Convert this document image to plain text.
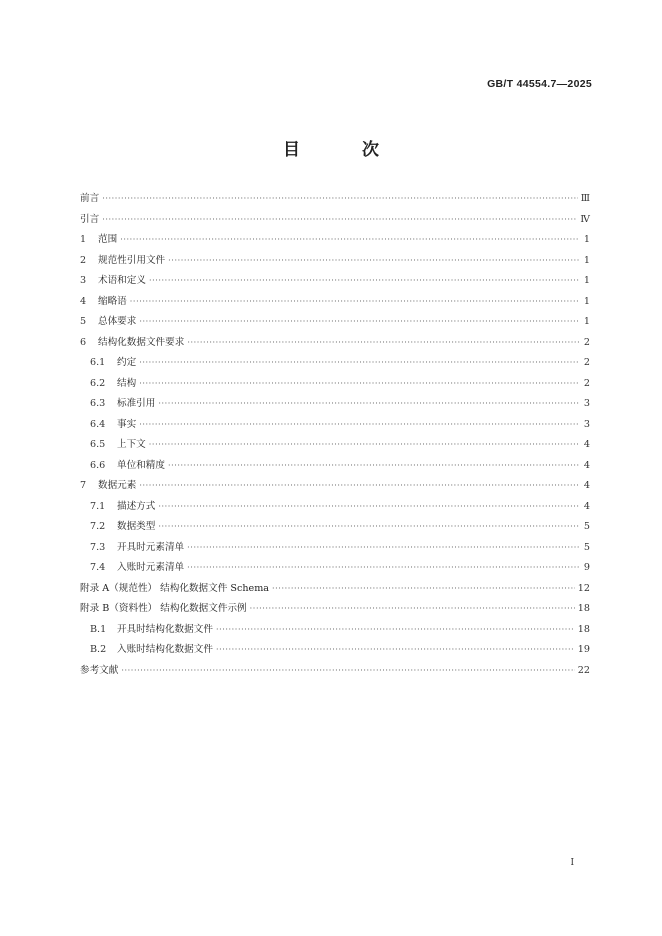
GB/T 44554.7—2025
目 次
前言 ·····	Ⅲ
引言 ·····	Ⅳ
1	范围 ·····	1
2	规范性引用文件 ·····	1
3	术语和定义 ·····	1
4	缩略语 ·····	1
5	总体要求 ·····	1
6	结构化数据文件要求 ·····	2
6.1	约定 ·····	2
6.2	结构 ·····	2
6.3	标准引用 ·····	3
6.4	事实 ·····	3
6.5	上下文 ·····	4
6.6	单位和精度 ·····	4
7	数据元素 ·····	4
7.1	描述方式 ·····	4
7.2	数据类型 ·····	5
7.3	开具时元素清单 ·····	5
7.4	入账时元素清单 ·····	9
附录 A（规范性） 结构化数据文件 Schema ·····	12
附录 B（资料性） 结构化数据文件示例 ·····	18
B.1	开具时结构化数据文件 ·····	18
B.2	入账时结构化数据文件 ·····	19
参考文献 ·····	22
I
